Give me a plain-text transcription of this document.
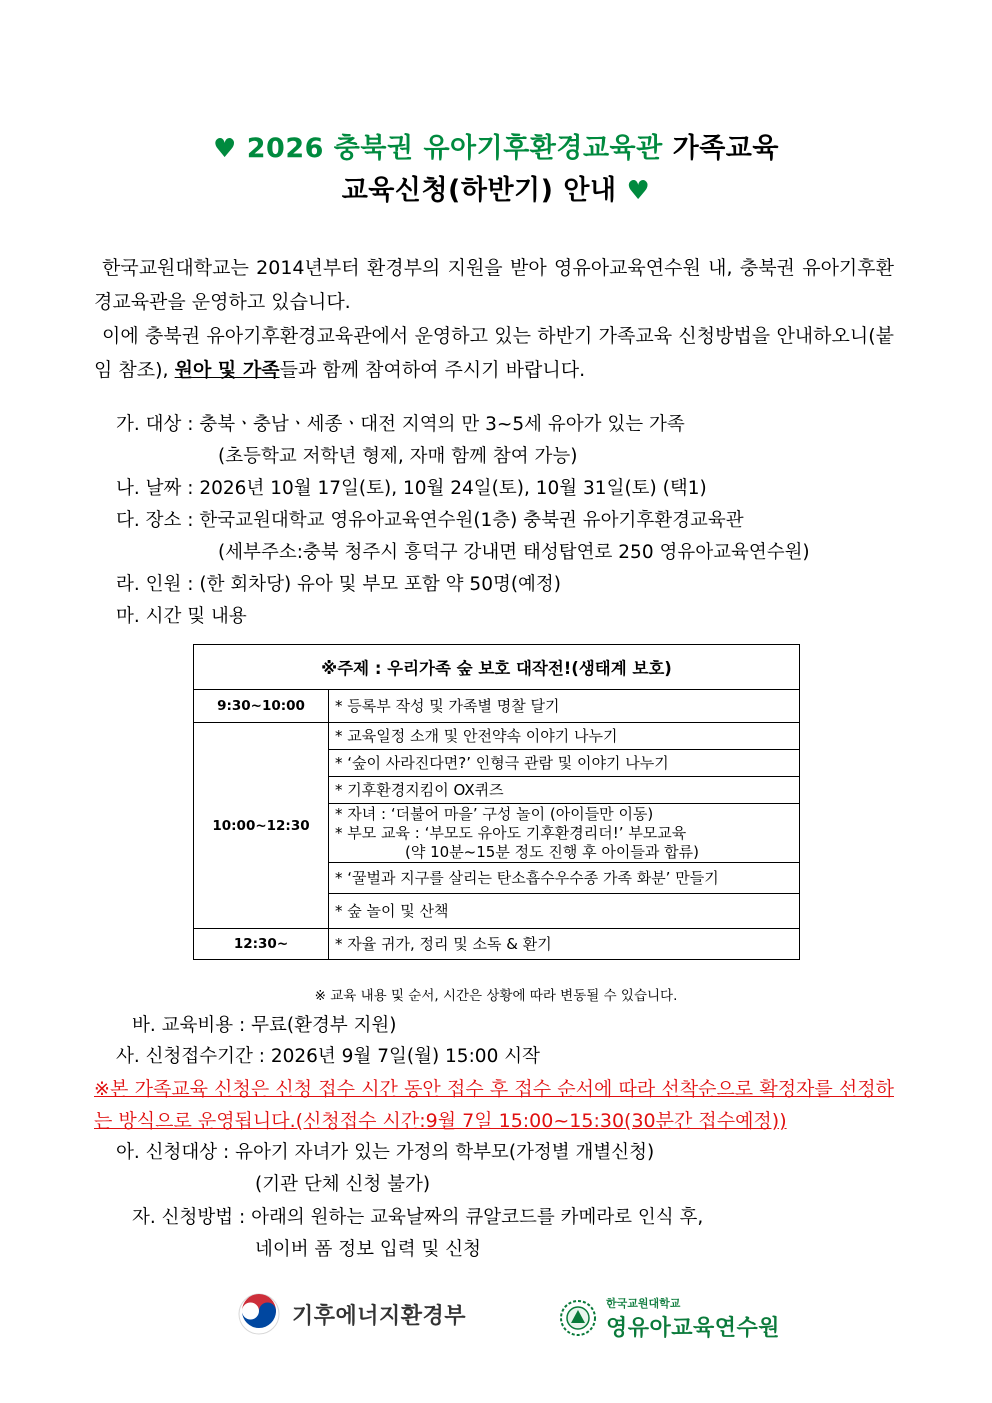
♥ 2026 충북권 유아기후환경교육관 가족교육
교육신청(하반기) 안내 ♥
한국교원대학교는 2014년부터 환경부의 지원을 받아 영유아교육연수원 내, 충북권 유아기후환경교육관을 운영하고 있습니다.
이에 충북권 유아기후환경교육관에서 운영하고 있는 하반기 가족교육 신청방법을 안내하오니(붙임 참조), 원아 및 가족들과 함께 참여하여 주시기 바랍니다.
가. 대상 : 충북ㆍ충남ㆍ세종ㆍ대전 지역의 만 3~5세 유아가 있는 가족
(초등학교 저학년 형제, 자매 함께 참여 가능)
나. 날짜 : 2026년 10월 17일(토), 10월 24일(토), 10월 31일(토) (택1)
다. 장소 : 한국교원대학교 영유아교육연수원(1층) 충북권 유아기후환경교육관
(세부주소:충북 청주시 흥덕구 강내면 태성탑연로 250 영유아교육연수원)
라. 인원 : (한 회차당) 유아 및 부모 포함 약 50명(예정)
마. 시간 및 내용
※주제 : 우리가족 숲 보호 대작전!(생태계 보호)	
9:30~10:00	* 등록부 작성 및 가족별 명찰 달기
10:00~12:30	* 교육일정 소개 및 안전약속 이야기 나누기
	* ‘숲이 사라진다면?’ 인형극 관람 및 이야기 나누기
	* 기후환경지킴이 OX퀴즈

	* 자녀 : ‘더불어 마을’ 구성 놀이 (아이들만 이동)
* 부모 교육 : ‘부모도 유아도 기후환경리더!’ 부모교육
(약 10분~15분 정도 진행 후 아이들과 합류)

	* ‘꿀벌과 지구를 살리는 탄소흡수우수종 가족 화분’ 만들기
	* 숲 놀이 및 산책
12:30~	* 자율 귀가, 정리 및 소독 & 환기
※ 교육 내용 및 순서, 시간은 상황에 따라 변동될 수 있습니다.
바. 교육비용 : 무료(환경부 지원)
사. 신청접수기간 : 2026년 9월 7일(월) 15:00 시작
※본 가족교육 신청은 신청 접수 시간 동안 접수 후 접수 순서에 따라 선착순으로 확정자를 선정하는 방식으로 운영됩니다.(신청접수 시간:9월 7일 15:00~15:30(30분간 접수예정))
아. 신청대상 : 유아기 자녀가 있는 가정의 학부모(가정별 개별신청)
(기관 단체 신청 불가)
자. 신청방법 : 아래의 원하는 교육날짜의 큐알코드를 카메라로 인식 후,
네이버 폼 정보 입력 및 신청
기후에너지환경부
한국교원대학교
영유아교육연수원
